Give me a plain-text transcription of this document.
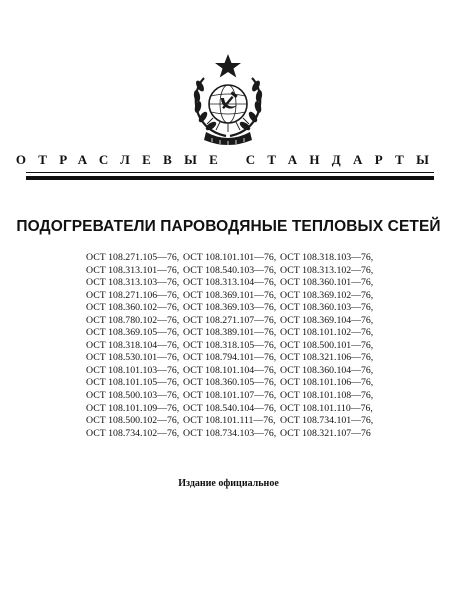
ОТРАСЛЕВЫЕ СТАНДАРТЫ
ПОДОГРЕВАТЕЛИ ПАРОВОДЯНЫЕ ТЕПЛОВЫХ СЕТЕЙ
ОСТ 108.271.105—76, ОСТ 108.101.101—76, ОСТ 108.318.103—76,
ОСТ 108.313.101—76, ОСТ 108.540.103—76, ОСТ 108.313.102—76,
ОСТ 108.313.103—76, ОСТ 108.313.104—76, ОСТ 108.360.101—76,
ОСТ 108.271.106—76, ОСТ 108.369.101—76, ОСТ 108.369.102—76,
ОСТ 108.360.102—76, ОСТ 108.369.103—76, ОСТ 108.360.103—76,
ОСТ 108.780.102—76, ОСТ 108.271.107—76, ОСТ 108.369.104—76,
ОСТ 108.369.105—76, ОСТ 108.389.101—76, ОСТ 108.101.102—76,
ОСТ 108.318.104—76, ОСТ 108.318.105—76, ОСТ 108.500.101—76,
ОСТ 108.530.101—76, ОСТ 108.794.101—76, ОСТ 108.321.106—76,
ОСТ 108.101.103—76, ОСТ 108.101.104—76, ОСТ 108.360.104—76,
ОСТ 108.101.105—76, ОСТ 108.360.105—76, ОСТ 108.101.106—76,
ОСТ 108.500.103—76, ОСТ 108.101.107—76, ОСТ 108.101.108—76,
ОСТ 108.101.109—76, ОСТ 108.540.104—76, ОСТ 108.101.110—76,
ОСТ 108.500.102—76, ОСТ 108.101.111—76, ОСТ 108.734.101—76,
ОСТ 108.734.102—76, ОСТ 108.734.103—76, ОСТ 108.321.107—76
Издание официальное
